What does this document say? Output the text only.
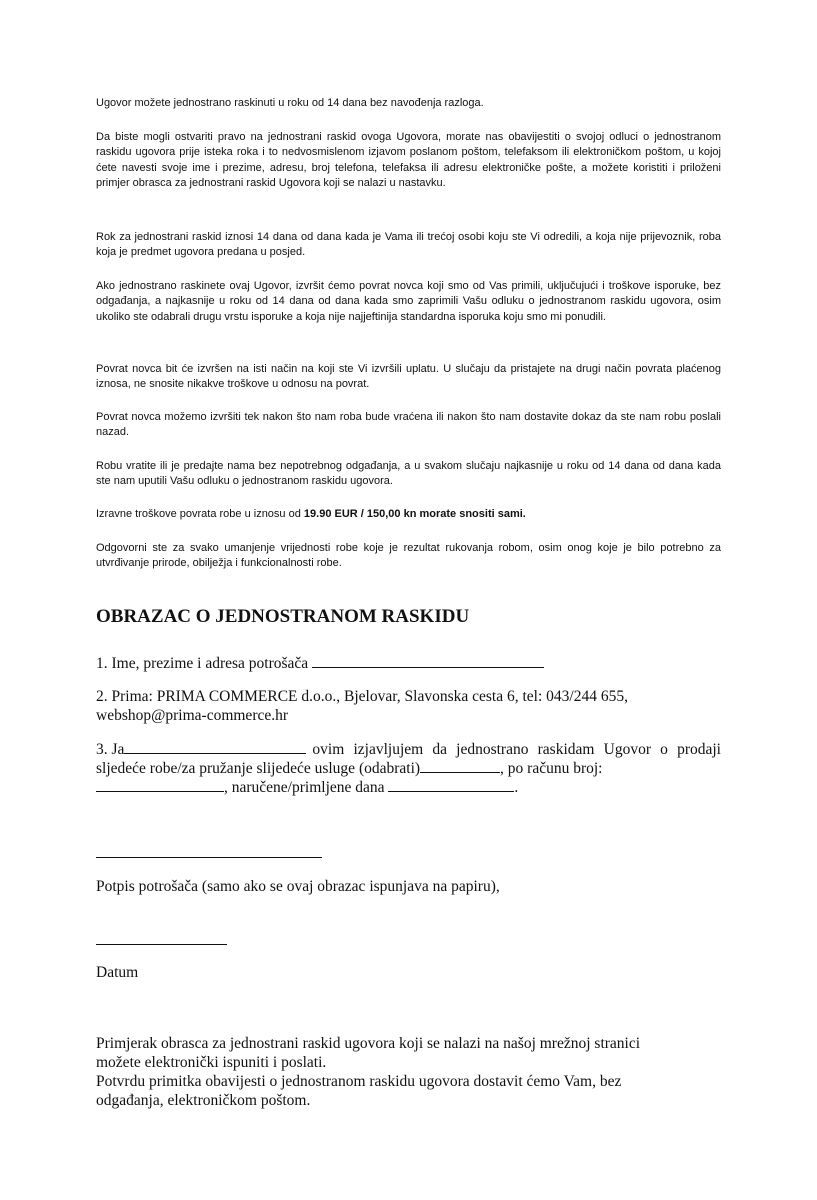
Ugovor možete jednostrano raskinuti u roku od 14 dana bez navođenja razloga.

Da biste mogli ostvariti pravo na jednostrani raskid ovoga Ugovora, morate nas obavijestiti o svojoj odluci o jednostranom raskidu ugovora prije isteka roka i to nedvosmislenom izjavom poslanom poštom, telefaksom ili elektroničkom poštom, u kojoj ćete navesti svoje ime i prezime, adresu, broj telefona, telefaksa ili adresu elektroničke pošte, a možete koristiti i priloženi primjer obrasca za jednostrani raskid Ugovora koji se nalazi u nastavku.

Rok za jednostrani raskid iznosi 14 dana od dana kada je Vama ili trećoj osobi koju ste Vi odredili, a koja nije prijevoznik, roba koja je predmet ugovora predana u posjed.

Ako jednostrano raskinete ovaj Ugovor, izvršit ćemo povrat novca koji smo od Vas primili, uključujući i troškove isporuke, bez odgađanja, a najkasnije u roku od 14 dana od dana kada smo zaprimili Vašu odluku o jednostranom raskidu ugovora, osim ukoliko ste odabrali drugu vrstu isporuke a koja nije najjeftinija standardna isporuka koju smo mi ponudili.

Povrat novca bit će izvršen na isti način na koji ste Vi izvršili uplatu. U slučaju da pristajete na drugi način povrata plaćenog iznosa, ne snosite nikakve troškove u odnosu na povrat.

Povrat novca možemo izvršiti tek nakon što nam roba bude vraćena ili nakon što nam dostavite dokaz da ste nam robu poslali nazad.

Robu vratite ili je predajte nama bez nepotrebnog odgađanja, a u svakom slučaju najkasnije u roku od 14 dana od dana kada ste nam uputili Vašu odluku o jednostranom raskidu ugovora.

Izravne troškove povrata robe u iznosu od 19.90 EUR / 150,00 kn morate snositi sami.

Odgovorni ste za svako umanjenje vrijednosti robe koje je rezultat rukovanja robom, osim onog koje je bilo potrebno za utvrđivanje prirode, obilježja i funkcionalnosti robe.

OBRAZAC O JEDNOSTRANOM RASKIDU

1. Ime, prezime i adresa potrošača

2. Prima: PRIMA COMMERCE d.o.o., Bjelovar, Slavonska cesta 6, tel: 043/244 655,
webshop@prima-commerce.hr

3. Ja	ovim izjavljujem da jednostrano raskidam Ugovor o prodaji
sljedeće robe/za pružanje slijedeće usluge (odabrati)	, po računu broj:
, naručene/primljene dana	.

Potpis potrošača (samo ako se ovaj obrazac ispunjava na papiru),

Datum

Primjerak obrasca za jednostrani raskid ugovora koji se nalazi na našoj mrežnoj stranici
možete elektronički ispuniti i poslati.
Potvrdu primitka obavijesti o jednostranom raskidu ugovora dostavit ćemo Vam, bez
odgađanja, elektroničkom poštom.
